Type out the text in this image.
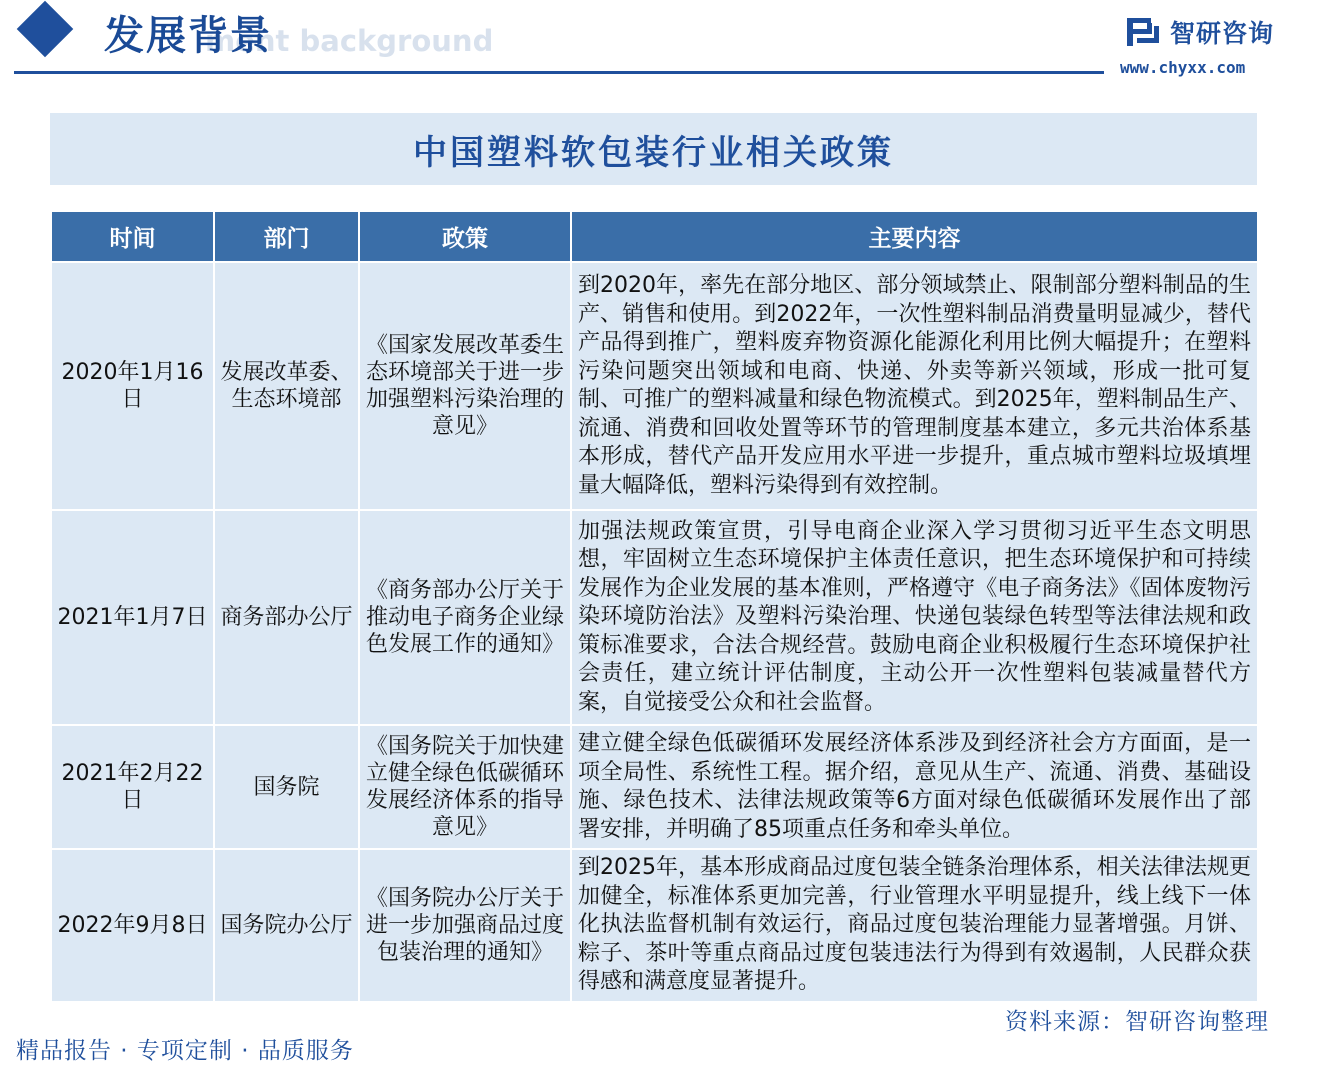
ment background
发展背景	智研咨询
www.chyxx.com
中国塑料软包装行业相关政策
时间	部门	政策	主要内容
2020年1月16日	发展改革委、生态环境部	《国家发展改革委生态环境部关于进一步加强塑料污染治理的意见》	到2020年，率先在部分地区、部分领域禁止、限制部分塑料制品的生产、销售和使用。到2022年，一次性塑料制品消费量明显减少，替代产品得到推广，塑料废弃物资源化能源化利用比例大幅提升；在塑料污染问题突出领域和电商、快递、外卖等新兴领域，形成一批可复制、可推广的塑料减量和绿色物流模式。到2025年，塑料制品生产、流通、消费和回收处置等环节的管理制度基本建立，多元共治体系基本形成，替代产品开发应用水平进一步提升，重点城市塑料垃圾填埋量大幅降低，塑料污染得到有效控制。
2021年1月7日	商务部办公厅	《商务部办公厅关于推动电子商务企业绿色发展工作的通知》	加强法规政策宣贯，引导电商企业深入学习贯彻习近平生态文明思想，牢固树立生态环境保护主体责任意识，把生态环境保护和可持续发展作为企业发展的基本准则，严格遵守《电子商务法》《固体废物污染环境防治法》及塑料污染治理、快递包装绿色转型等法律法规和政策标准要求，合法合规经营。鼓励电商企业积极履行生态环境保护社会责任，建立统计评估制度，主动公开一次性塑料包装减量替代方案，自觉接受公众和社会监督。
2021年2月22日	国务院	《国务院关于加快建立健全绿色低碳循环发展经济体系的指导意见》	建立健全绿色低碳循环发展经济体系涉及到经济社会方方面面，是一项全局性、系统性工程。据介绍，意见从生产、流通、消费、基础设施、绿色技术、法律法规政策等6方面对绿色低碳循环发展作出了部署安排，并明确了85项重点任务和牵头单位。
2022年9月8日	国务院办公厅	《国务院办公厅关于进一步加强商品过度包装治理的通知》	到2025年，基本形成商品过度包装全链条治理体系，相关法律法规更加健全，标准体系更加完善，行业管理水平明显提升，线上线下一体化执法监督机制有效运行，商品过度包装治理能力显著增强。月饼、粽子、茶叶等重点商品过度包装违法行为得到有效遏制，人民群众获得感和满意度显著提升。
资料来源：智研咨询整理
精品报告 · 专项定制 · 品质服务
